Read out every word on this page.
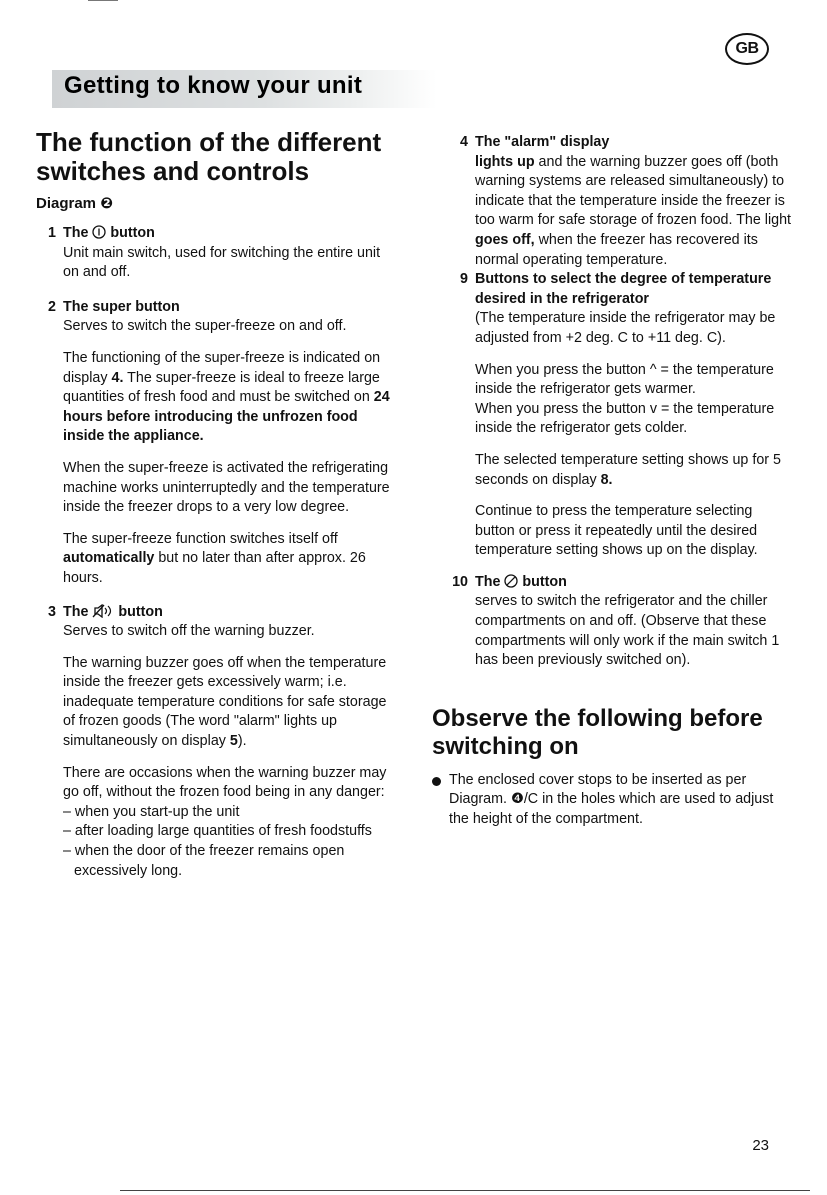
GB
Getting to know your unit
The function of the different switches and controls
Diagram ❷
1 The button

Unit main switch, used for switching the entire unit on and off.

2 The super button

Serves to switch the super-freeze on and off.

The functioning of the super-freeze is indicated on display 4. The super-freeze is ideal to freeze large quantities of fresh food and must be switched on 24 hours before introducing the unfrozen food inside the appliance.

When the super-freeze is activated the refrigerating machine works uninterruptedly and the temperature inside the freezer drops to a very low degree.

The super-freeze function switches itself off automatically but no later than after approx. 26 hours.

3 The button

Serves to switch off the warning buzzer.

The warning buzzer goes off when the temperature inside the freezer gets excessively warm; i.e. inadequate temperature conditions for safe storage of frozen goods (The word "alarm" lights up simultaneously on display 5).

There are occasions when the warning buzzer may go off, without the frozen food being in any danger:

– when you start-up the unit
– after loading large quantities of fresh foodstuffs
– when the door of the freezer remains open excessively long.
4 The "alarm" display

lights up and the warning buzzer goes off (both warning systems are released simultaneously) to indicate that the temperature inside the freezer is too warm for safe storage of frozen food. The light goes off, when the freezer has recovered its normal operating temperature.

9 Buttons to select the degree of temperature desired in the refrigerator

(The temperature inside the refrigerator may be adjusted from +2 deg. C to +11 deg. C).

When you press the button ^ = the temperature inside the refrigerator gets warmer.

When you press the button v = the temperature inside the refrigerator gets colder.

The selected temperature setting shows up for 5 seconds on display 8.

Continue to press the temperature selecting button or press it repeatedly until the desired temperature setting shows up on the display.

10 The button

serves to switch the refrigerator and the chiller compartments on and off. (Observe that these compartments will only work if the main switch 1 has been previously switched on).

Observe the following before switching on
The enclosed cover stops to be inserted as per Diagram. ❹/C in the holes which are used to adjust the height of the compartment.
23
